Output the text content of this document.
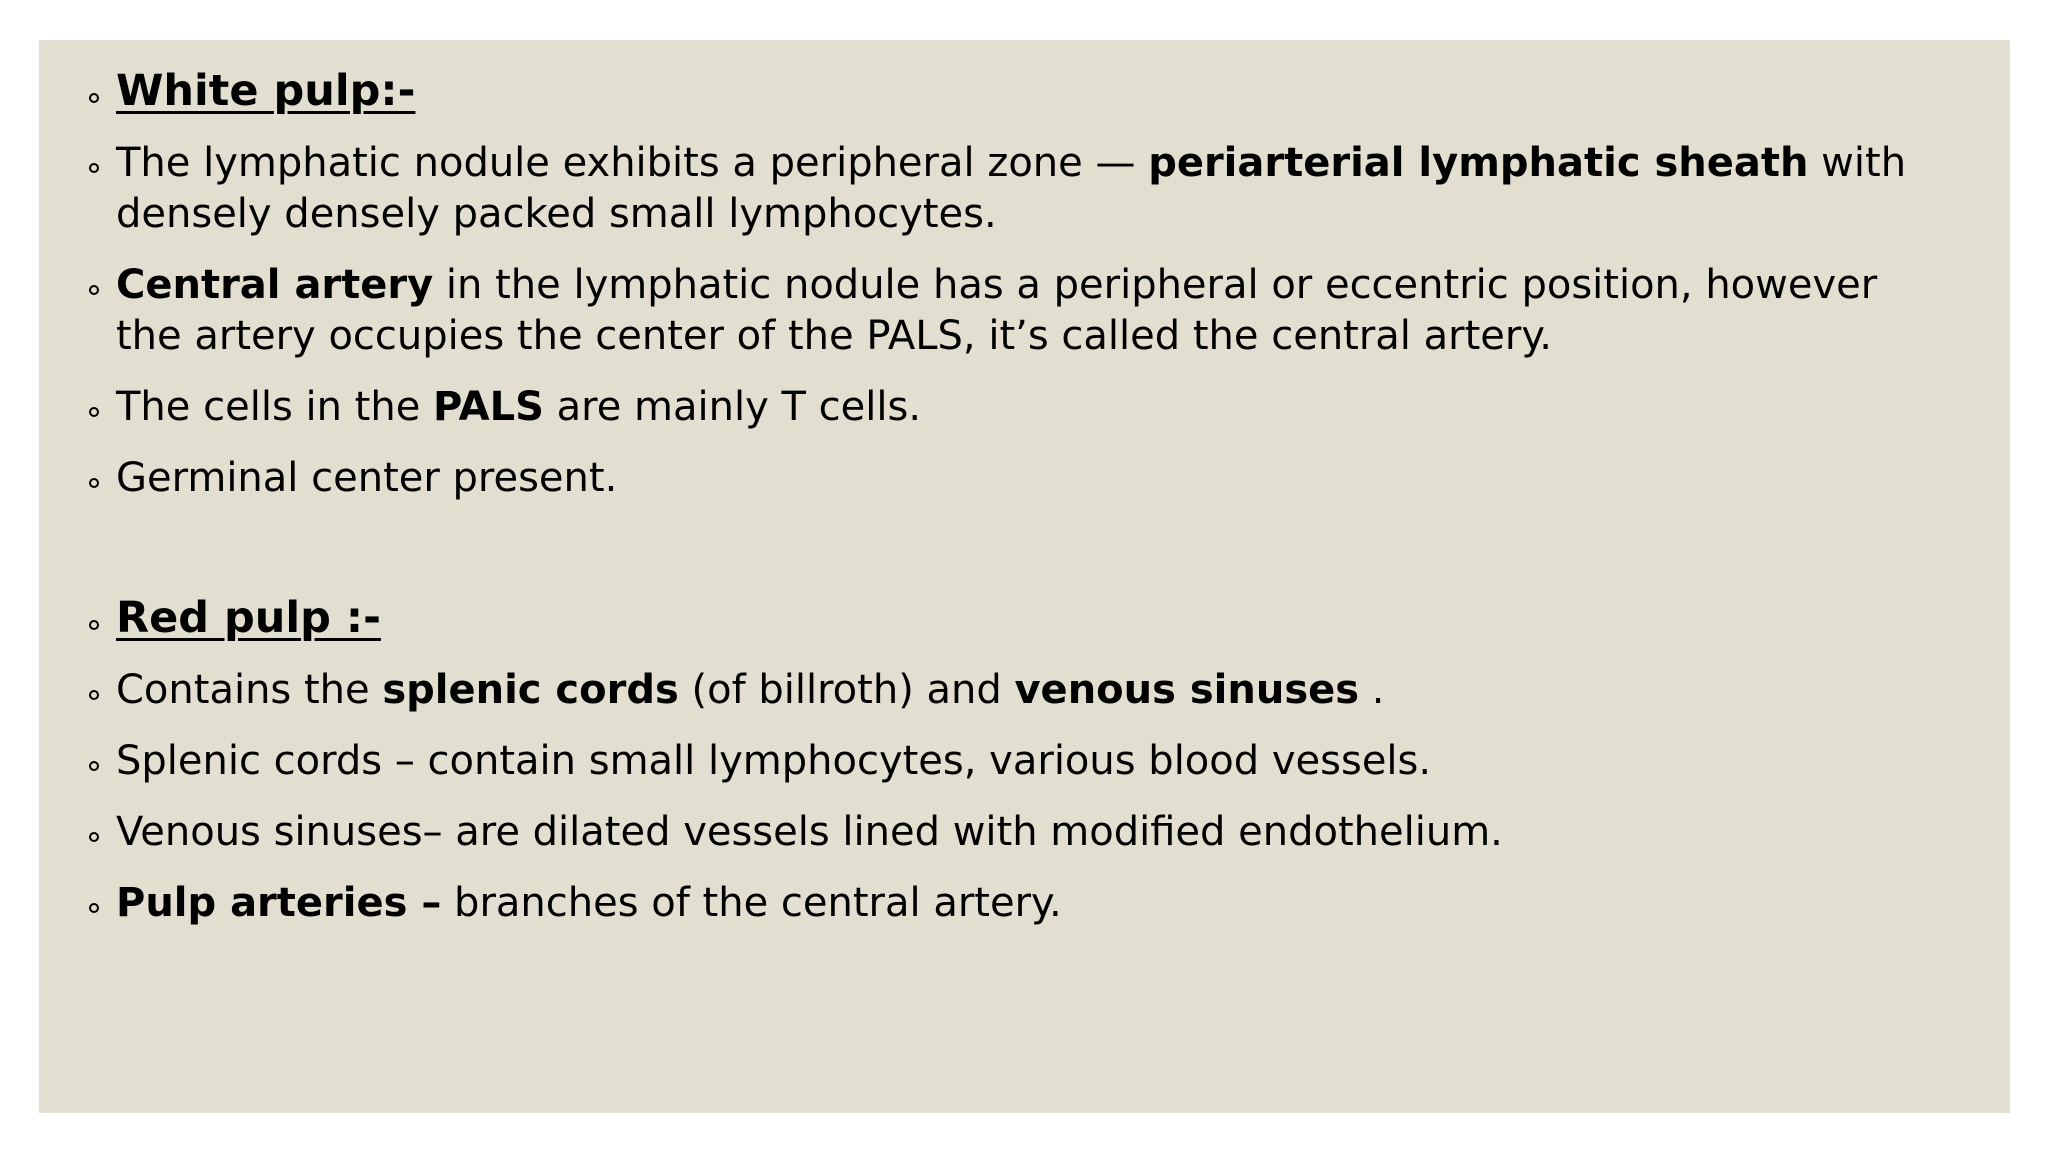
White pulp:-
The lymphatic nodule exhibits a peripheral zone — periarterial lymphatic sheath with densely densely packed small lymphocytes.
Central artery in the lymphatic nodule has a peripheral or eccentric position, however the artery occupies the center of the PALS, it’s called the central artery.
The cells in the PALS are mainly T cells.
Germinal center present.
Red pulp :-
Contains the splenic cords (of billroth) and venous sinuses .
Splenic cords – contain small lymphocytes, various blood vessels.
Venous sinuses– are dilated vessels lined with modified endothelium.
Pulp arteries – branches of the central artery.
